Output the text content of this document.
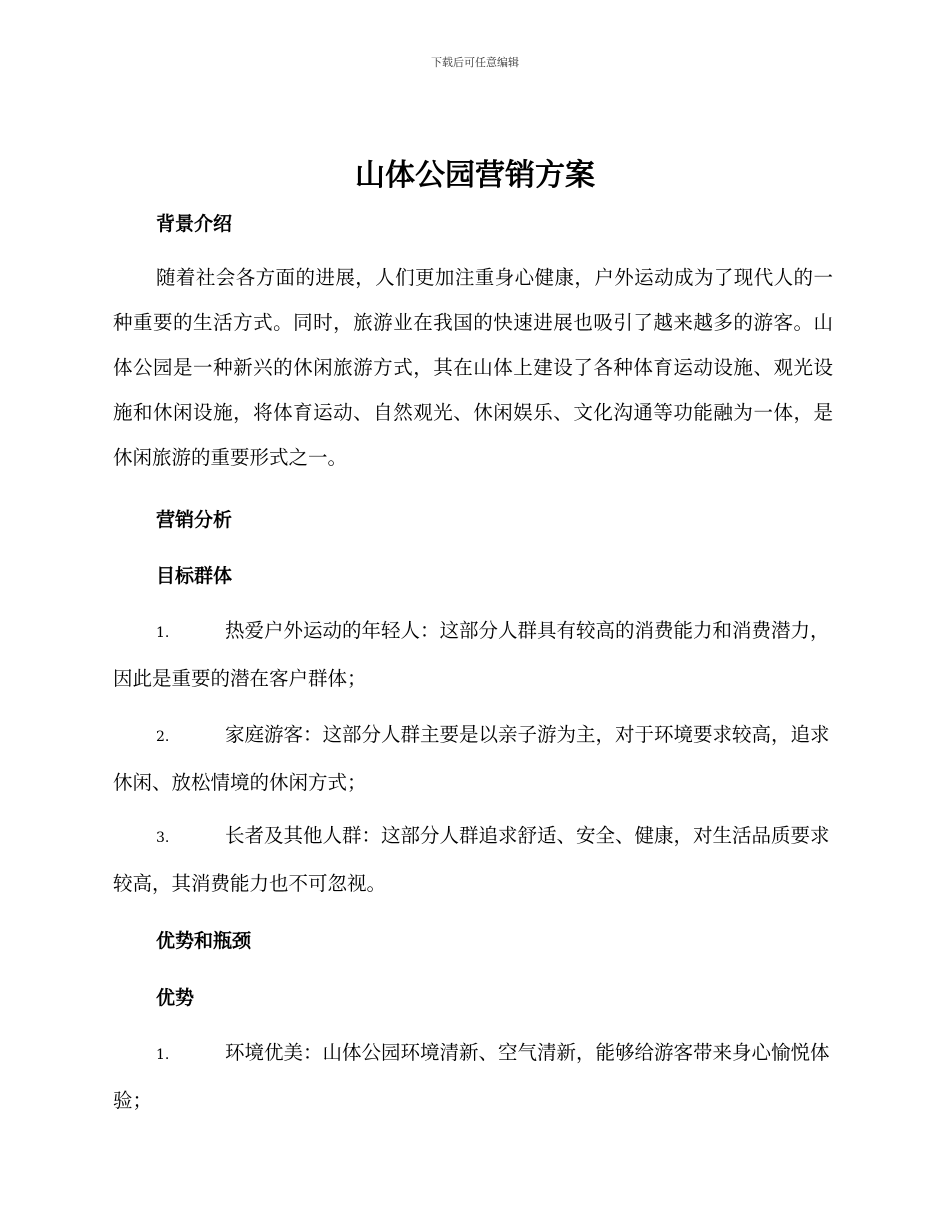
下载后可任意编辑
山体公园营销方案
背景介绍
随着社会各方面的进展，人们更加注重身心健康，户外运动成为了现代人的一种重要的生活方式。同时，旅游业在我国的快速进展也吸引了越来越多的游客。山体公园是一种新兴的休闲旅游方式，其在山体上建设了各种体育运动设施、观光设施和休闲设施，将体育运动、自然观光、休闲娱乐、文化沟通等功能融为一体，是休闲旅游的重要形式之一。
营销分析
目标群体
1.	热爱户外运动的年轻人：这部分人群具有较高的消费能力和消费潜力，因此是重要的潜在客户群体；
2.	家庭游客：这部分人群主要是以亲子游为主，对于环境要求较高，追求休闲、放松情境的休闲方式；
3.	长者及其他人群：这部分人群追求舒适、安全、健康，对生活品质要求较高，其消费能力也不可忽视。
优势和瓶颈
优势
1.	环境优美：山体公园环境清新、空气清新，能够给游客带来身心愉悦体验；
